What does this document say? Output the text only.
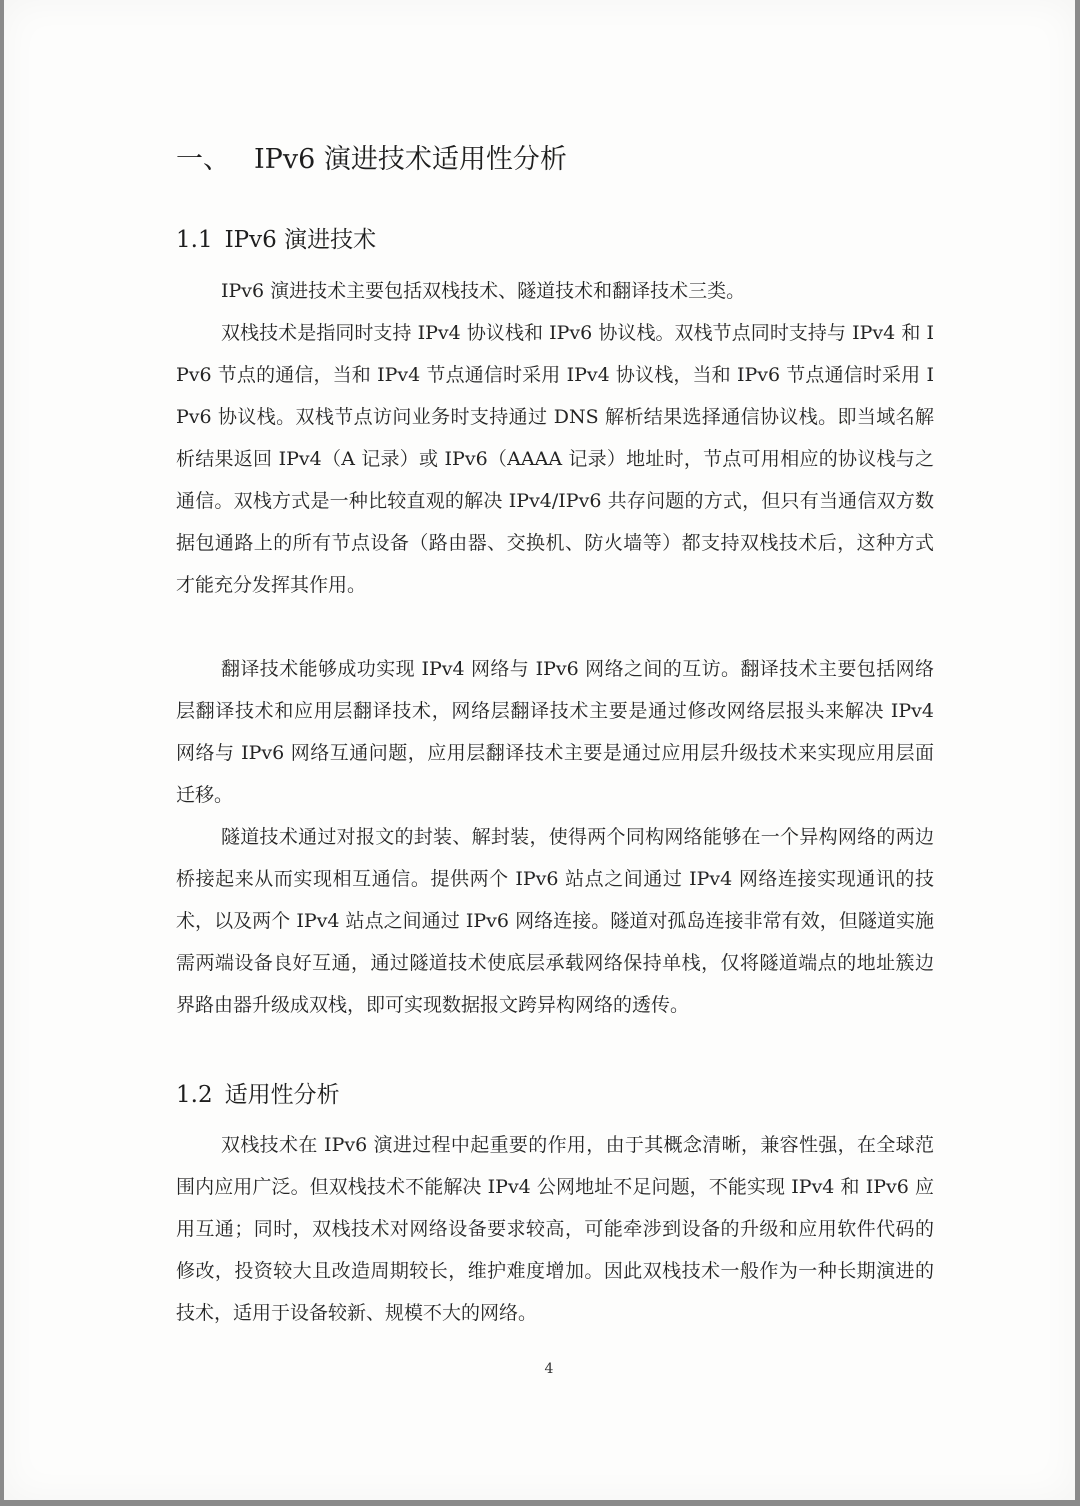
一、 IPv6 演进技术适用性分析
1.1 IPv6 演进技术

IPv6 演进技术主要包括双栈技术、隧道技术和翻译技术三类。

双栈技术是指同时支持 IPv4 协议栈和 IPv6 协议栈。双栈节点同时支持与 IPv4 和 IPv6 节点的通信，当和 IPv4 节点通信时采用 IPv4 协议栈，当和 IPv6 节点通信时采用 IPv6 协议栈。双栈节点访问业务时支持通过 DNS 解析结果选择通信协议栈。即当域名解析结果返回 IPv4（A 记录）或 IPv6（AAAA 记录）地址时，节点可用相应的协议栈与之通信。双栈方式是一种比较直观的解决 IPv4/IPv6 共存问题的方式，但只有当通信双方数据包通路上的所有节点设备（路由器、交换机、防火墙等）都支持双栈技术后，这种方式才能充分发挥其作用。

翻译技术能够成功实现 IPv4 网络与 IPv6 网络之间的互访。翻译技术主要包括网络层翻译技术和应用层翻译技术，网络层翻译技术主要是通过修改网络层报头来解决 IPv4 网络与 IPv6 网络互通问题，应用层翻译技术主要是通过应用层升级技术来实现应用层面迁移。

隧道技术通过对报文的封装、解封装，使得两个同构网络能够在一个异构网络的两边桥接起来从而实现相互通信。提供两个 IPv6 站点之间通过 IPv4 网络连接实现通讯的技术，以及两个 IPv4 站点之间通过 IPv6 网络连接。隧道对孤岛连接非常有效，但隧道实施需两端设备良好互通，通过隧道技术使底层承载网络保持单栈，仅将隧道端点的地址簇边界路由器升级成双栈，即可实现数据报文跨异构网络的透传。

1.2 适用性分析

双栈技术在 IPv6 演进过程中起重要的作用，由于其概念清晰，兼容性强，在全球范围内应用广泛。但双栈技术不能解决 IPv4 公网地址不足问题，不能实现 IPv4 和 IPv6 应用互通；同时，双栈技术对网络设备要求较高，可能牵涉到设备的升级和应用软件代码的修改，投资较大且改造周期较长，维护难度增加。因此双栈技术一般作为一种长期演进的技术，适用于设备较新、规模不大的网络。

4
